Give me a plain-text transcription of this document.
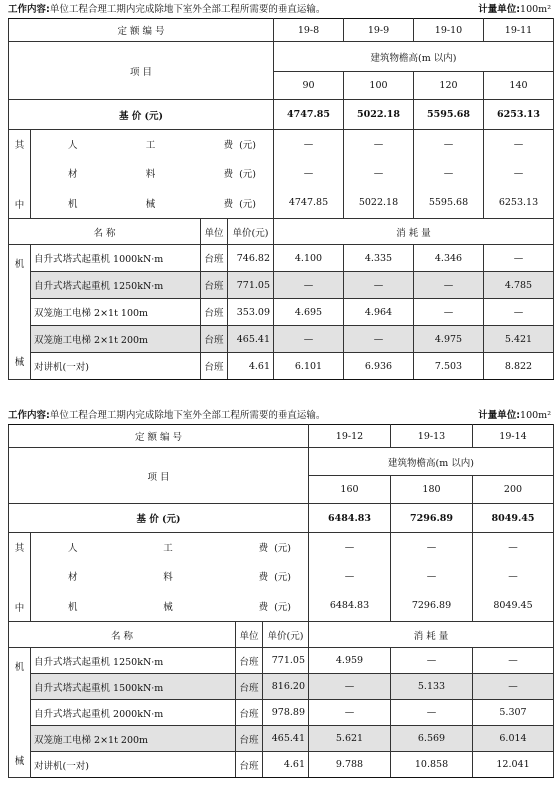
工作内容:单位工程合理工期内完成除地下室外全部工程所需要的垂直运输。	计量单位:100m²
定 额 编 号				19-8	19-9	19-10	19-11
项 目				建筑物檐高(m 以内)			
				90	100	120	140
基 价 (元)				4747.85	5022.18	5595.68	6253.13

其
中	人 工 费 (元)			—	—	—	—

	材 料 费 (元)			—	—	—	—

	机 械 费 (元)			4747.85	5022.18	5595.68	6253.13
名 称		单位	单价(元)	消 耗 量			

机
械	自升式塔式起重机 1000kN·m	台班	746.82	4.100	4.335	4.346	—
	自升式塔式起重机 1250kN·m	台班	771.05	—	—	—	4.785
	双笼施工电梯 2×1t 100m	台班	353.09	4.695	4.964	—	—
	双笼施工电梯 2×1t 200m	台班	465.41	—	—	4.975	5.421
	对讲机(一对)	台班	4.61	6.101	6.936	7.503	8.822
工作内容:单位工程合理工期内完成除地下室外全部工程所需要的垂直运输。	计量单位:100m²
定 额 编 号				19-12	19-13	19-14
项 目				建筑物檐高(m 以内)		
				160	180	200
基 价 (元)				6484.83	7296.89	8049.45

其
中	人 工 费 (元)			—	—	—

	材 料 费 (元)			—	—	—

	机 械 费 (元)			6484.83	7296.89	8049.45
名 称		单位	单价(元)	消 耗 量		

机
械	自升式塔式起重机 1250kN·m	台班	771.05	4.959	—	—
	自升式塔式起重机 1500kN·m	台班	816.20	—	5.133	—
	自升式塔式起重机 2000kN·m	台班	978.89	—	—	5.307
	双笼施工电梯 2×1t 200m	台班	465.41	5.621	6.569	6.014
	对讲机(一对)	台班	4.61	9.788	10.858	12.041
